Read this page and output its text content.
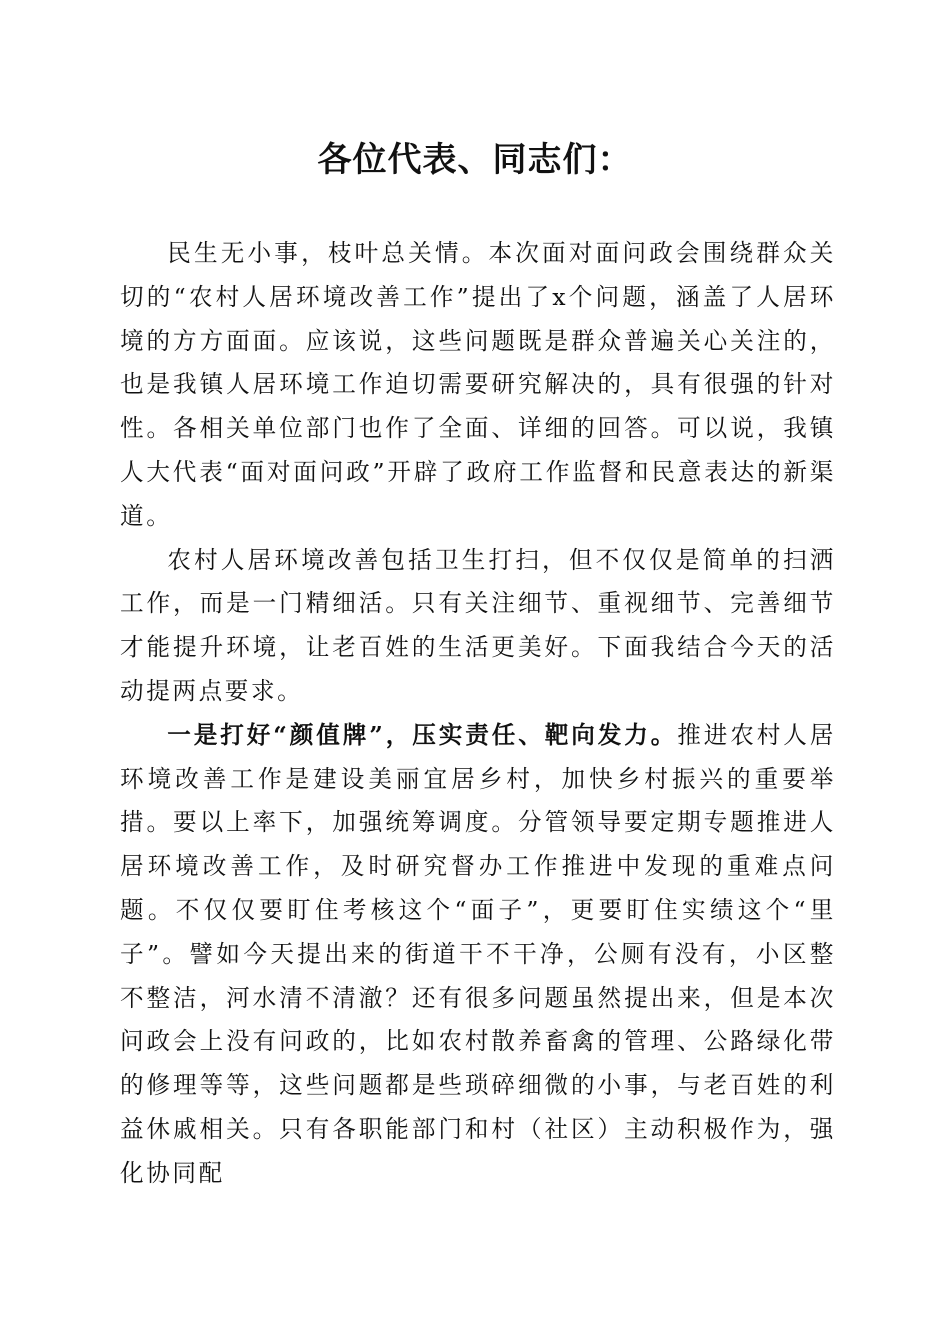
各位代表、同志们：

民生无小事，枝叶总关情。本次面对面问政会围绕群众关切的“农村人居环境改善工作”提出了x个问题，涵盖了人居环境的方方面面。应该说，这些问题既是群众普遍关心关注的，也是我镇人居环境工作迫切需要研究解决的，具有很强的针对性。各相关单位部门也作了全面、详细的回答。可以说，我镇人大代表“面对面问政”开辟了政府工作监督和民意表达的新渠道。

农村人居环境改善包括卫生打扫，但不仅仅是简单的扫洒工作，而是一门精细活。只有关注细节、重视细节、完善细节才能提升环境，让老百姓的生活更美好。下面我结合今天的活动提两点要求。

一是打好“颜值牌”，压实责任、靶向发力。推进农村人居环境改善工作是建设美丽宜居乡村，加快乡村振兴的重要举措。要以上率下，加强统筹调度。分管领导要定期专题推进人居环境改善工作，及时研究督办工作推进中发现的重难点问题。不仅仅要盯住考核这个“面子”，更要盯住实绩这个“里子”。譬如今天提出来的街道干不干净，公厕有没有，小区整不整洁，河水清不清澈？还有很多问题虽然提出来，但是本次问政会上没有问政的，比如农村散养畜禽的管理、公路绿化带的修理等等，这些问题都是些琐碎细微的小事，与老百姓的利益休戚相关。只有各职能部门和村（社区）主动积极作为，强化协同配
